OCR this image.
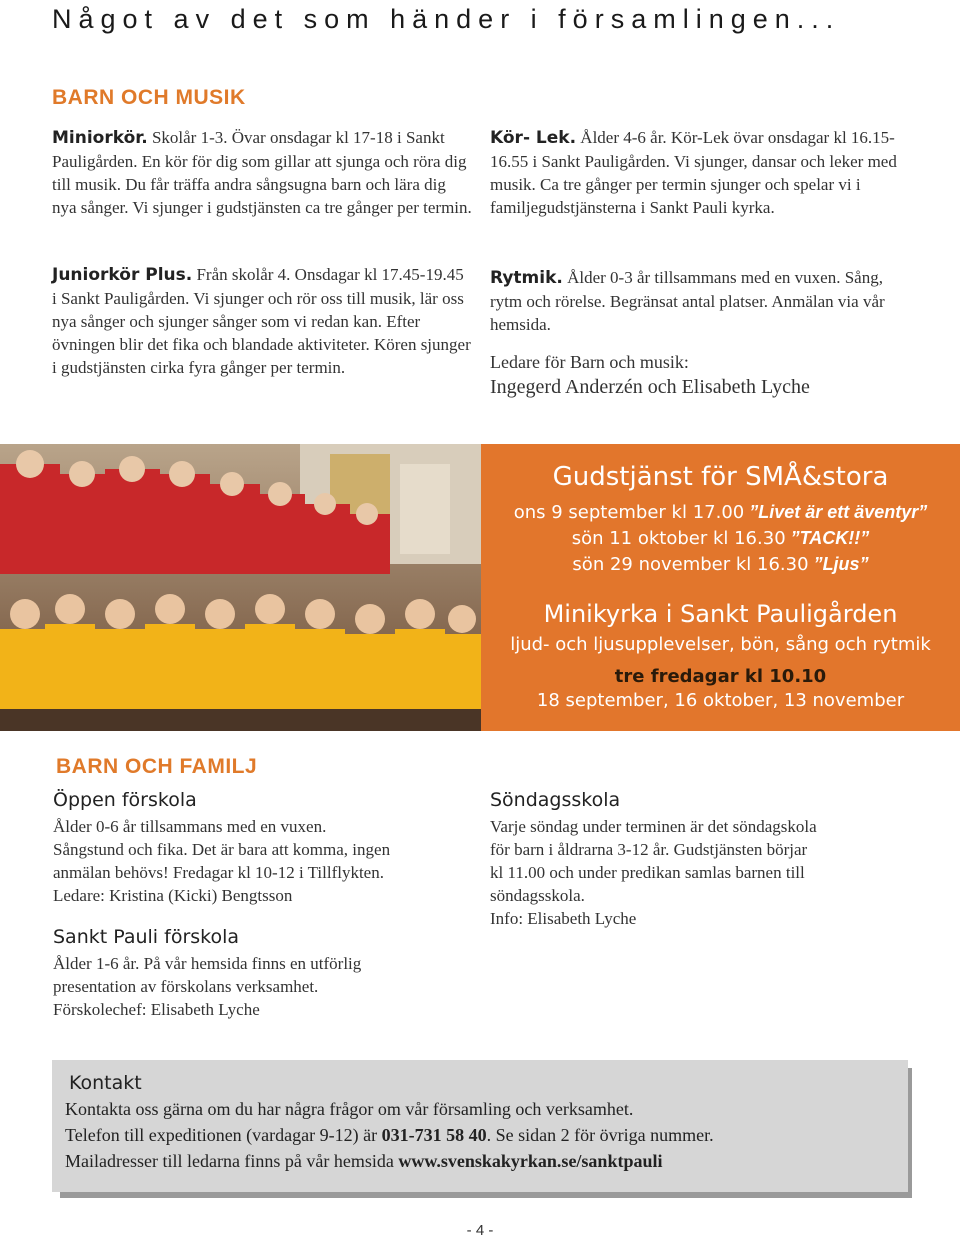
Något av det som händer i församlingen...
BARN OCH MUSIK
Miniorkör. Skolår 1-3. Övar onsdagar kl 17-18 i Sankt Pauligården. En kör för dig som gillar att sjunga och röra dig till musik. Du får träffa andra sångsugna barn och lära dig nya sånger. Vi sjunger i gudstjänsten ca tre gånger per termin.
Juniorkör Plus. Från skolår 4. Onsdagar kl 17.45-19.45 i Sankt Pauligården. Vi sjunger och rör oss till musik, lär oss nya sånger och sjunger sånger som vi redan kan. Efter övningen blir det fika och blandade aktiviteter. Kören sjunger i gudstjänsten cirka fyra gånger per termin.
Kör- Lek. Ålder 4-6 år. Kör-Lek övar onsdagar kl 16.15-16.55 i Sankt Pauligården. Vi sjunger, dansar och leker med musik. Ca tre gånger per termin sjunger och spelar vi i familjegudstjänsterna i Sankt Pauli kyrka.
Rytmik. Ålder 0-3 år tillsammans med en vuxen. Sång, rytm och rörelse. Begränsat antal platser. Anmälan via vår hemsida.
Ledare för Barn och musik:
Ingegerd Anderzén och Elisabeth Lyche
Gudstjänst för SMÅ&stora
ons 9 september kl 17.00 ”Livet är ett äventyr”
sön 11 oktober kl 16.30 ”TACK!!”
sön 29 november kl 16.30 ”Ljus”
Minikyrka i Sankt Pauligården
ljud- och ljusupplevelser, bön, sång och rytmik
tre fredagar kl 10.10
18 september, 16 oktober, 13 november
BARN OCH FAMILJ
Öppen förskola
Ålder 0-6 år tillsammans med en vuxen.
Sångstund och fika. Det är bara att komma, ingen
anmälan behövs! Fredagar kl 10-12 i Tillflykten.
Ledare: Kristina (Kicki) Bengtsson
Sankt Pauli förskola
Ålder 1-6 år. På vår hemsida finns en utförlig
presentation av förskolans verksamhet.
Förskolechef: Elisabeth Lyche
Söndagsskola
Varje söndag under terminen är det söndagskola
för barn i åldrarna 3-12 år. Gudstjänsten börjar
kl 11.00 och under predikan samlas barnen till
söndagsskola.
Info: Elisabeth Lyche
Kontakt
Kontakta oss gärna om du har några frågor om vår församling och verksamhet.
Telefon till expeditionen (vardagar 9-12) är 031-731 58 40. Se sidan 2 för övriga nummer.
Mailadresser till ledarna finns på vår hemsida www.svenskakyrkan.se/sanktpauli
- 4 -
